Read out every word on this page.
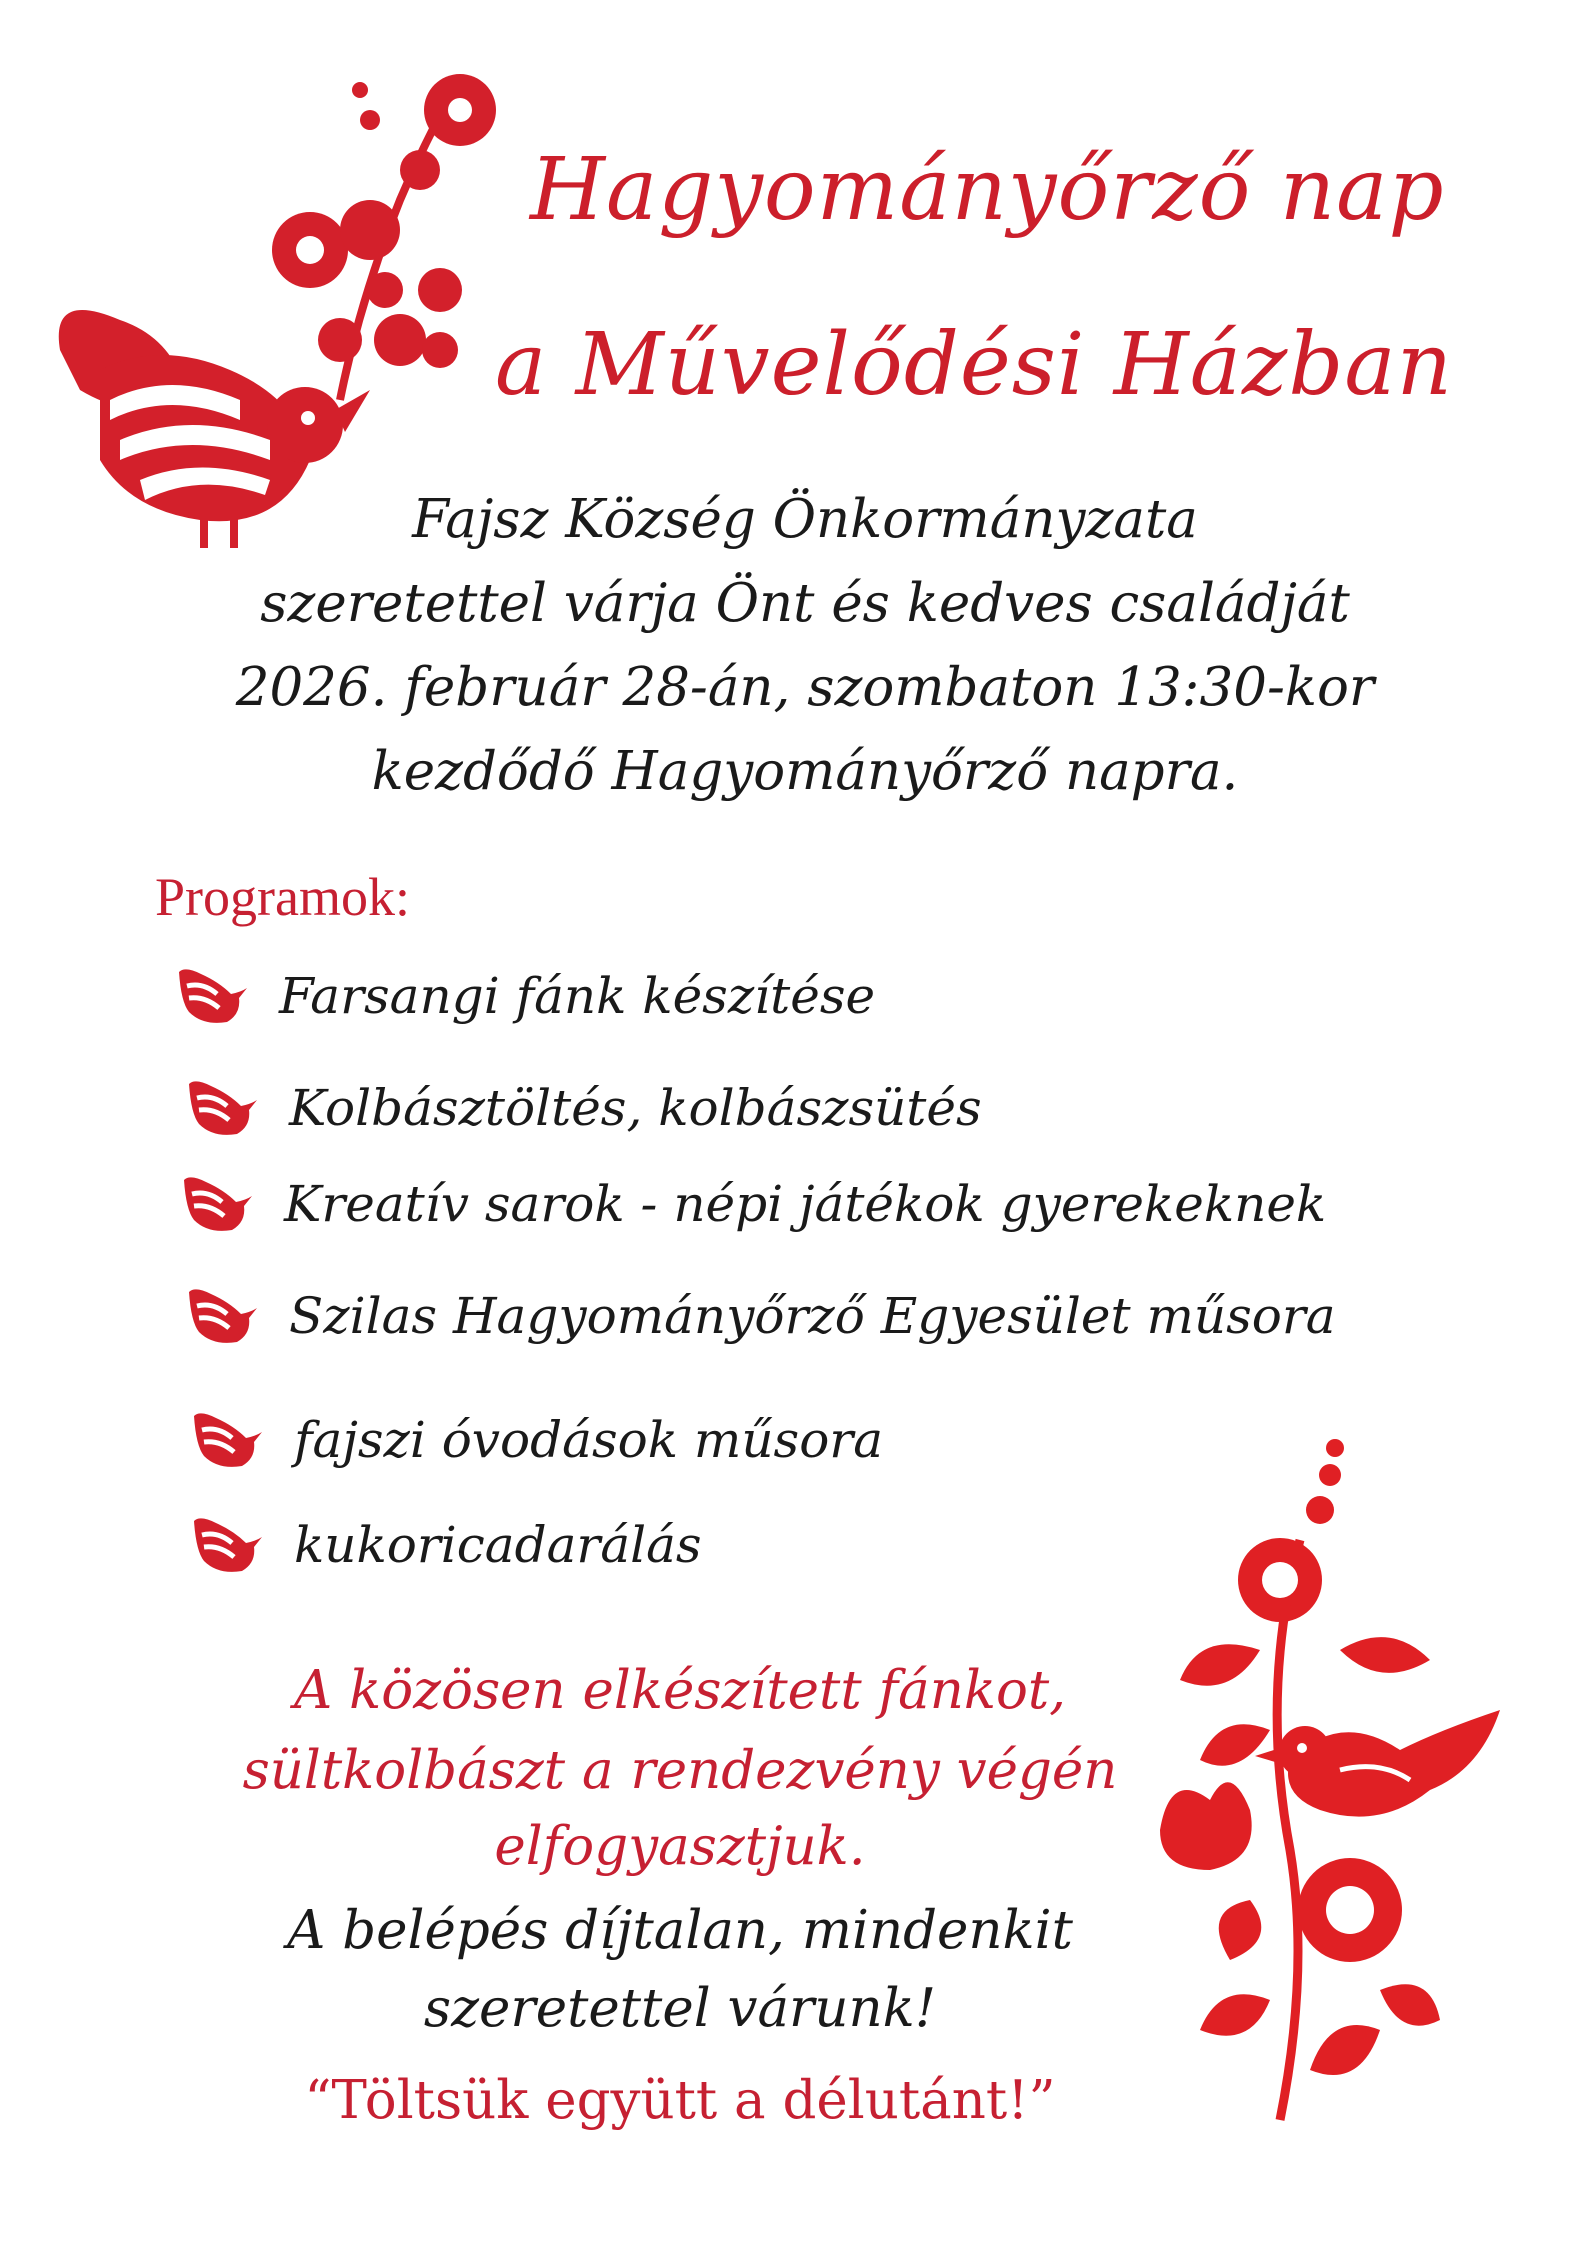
Hagyományőrző nap
a Művelődési Házban
Fajsz Község Önkormányzata
szeretettel várja Önt és kedves családját
2026. február 28-án, szombaton 13:30-kor
kezdődő Hagyományőrző napra.
Programok:
Farsangi fánk készítése
Kolbásztöltés, kolbászsütés
Kreatív sarok - népi játékok gyerekeknek
Szilas Hagyományőrző Egyesület műsora
fajszi óvodások műsora
kukoricadarálás
A közösen elkészített fánkot,
sültkolbászt a rendezvény végén
elfogyasztjuk.
A belépés díjtalan, mindenkit
szeretettel várunk!
“Töltsük együtt a délutánt!”
